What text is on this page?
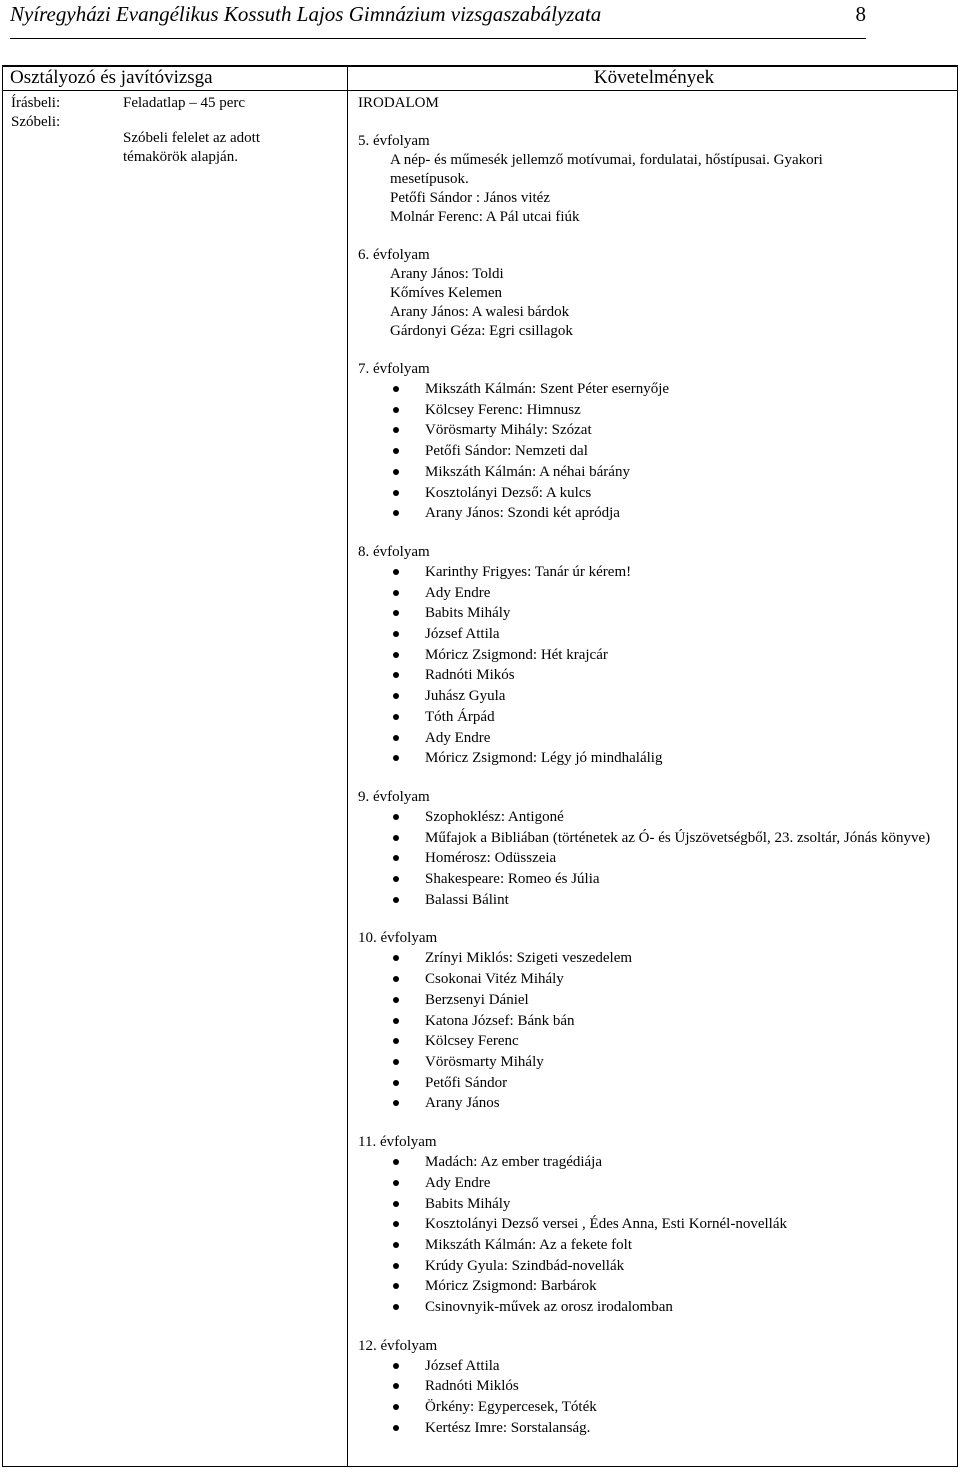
Nyíregyházi Evangélikus Kossuth Lajos Gimnázium vizsgaszabályzata	8
Osztályozó és javítóvizsga	Követelmények
Írásbeli:
Szóbeli:
Feladatlap – 45 perc
Szóbeli felelet az adott
témakörök alapján.
IRODALOM
5. évfolyam
A nép- és műmesék jellemző motívumai, fordulatai, hőstípusai. Gyakori
mesetípusok.
Petőfi Sándor : János vitéz
Molnár Ferenc: A Pál utcai fiúk
6. évfolyam
Arany János: Toldi
Kőmíves Kelemen
Arany János: A walesi bárdok
Gárdonyi Géza: Egri csillagok
7. évfolyam
Mikszáth Kálmán: Szent Péter esernyője
Kölcsey Ferenc: Himnusz
Vörösmarty Mihály: Szózat
Petőfi Sándor: Nemzeti dal
Mikszáth Kálmán: A néhai bárány
Kosztolányi Dezső: A kulcs
Arany János: Szondi két apródja
8. évfolyam
Karinthy Frigyes: Tanár úr kérem!
Ady Endre
Babits Mihály
József Attila
Móricz Zsigmond: Hét krajcár
Radnóti Mikós
Juhász Gyula
Tóth Árpád
Ady Endre
Móricz Zsigmond: Légy jó mindhalálig
9. évfolyam
Szophoklész: Antigoné
Műfajok a Bibliában (történetek az Ó- és Újszövetségből, 23. zsoltár, Jónás könyve)
Homérosz: Odüsszeia
Shakespeare: Romeo és Júlia
Balassi Bálint
10. évfolyam
Zrínyi Miklós: Szigeti veszedelem
Csokonai Vitéz Mihály
Berzsenyi Dániel
Katona József: Bánk bán
Kölcsey Ferenc
Vörösmarty Mihály
Petőfi Sándor
Arany János
11. évfolyam
Madách: Az ember tragédiája
Ady Endre
Babits Mihály
Kosztolányi Dezső versei , Édes Anna, Esti Kornél-novellák
Mikszáth Kálmán: Az a fekete folt
Krúdy Gyula: Szindbád-novellák
Móricz Zsigmond: Barbárok
Csinovnyik-művek az orosz irodalomban
12. évfolyam
József Attila
Radnóti Miklós
Örkény: Egypercesek, Tóték
Kertész Imre: Sorstalanság.
